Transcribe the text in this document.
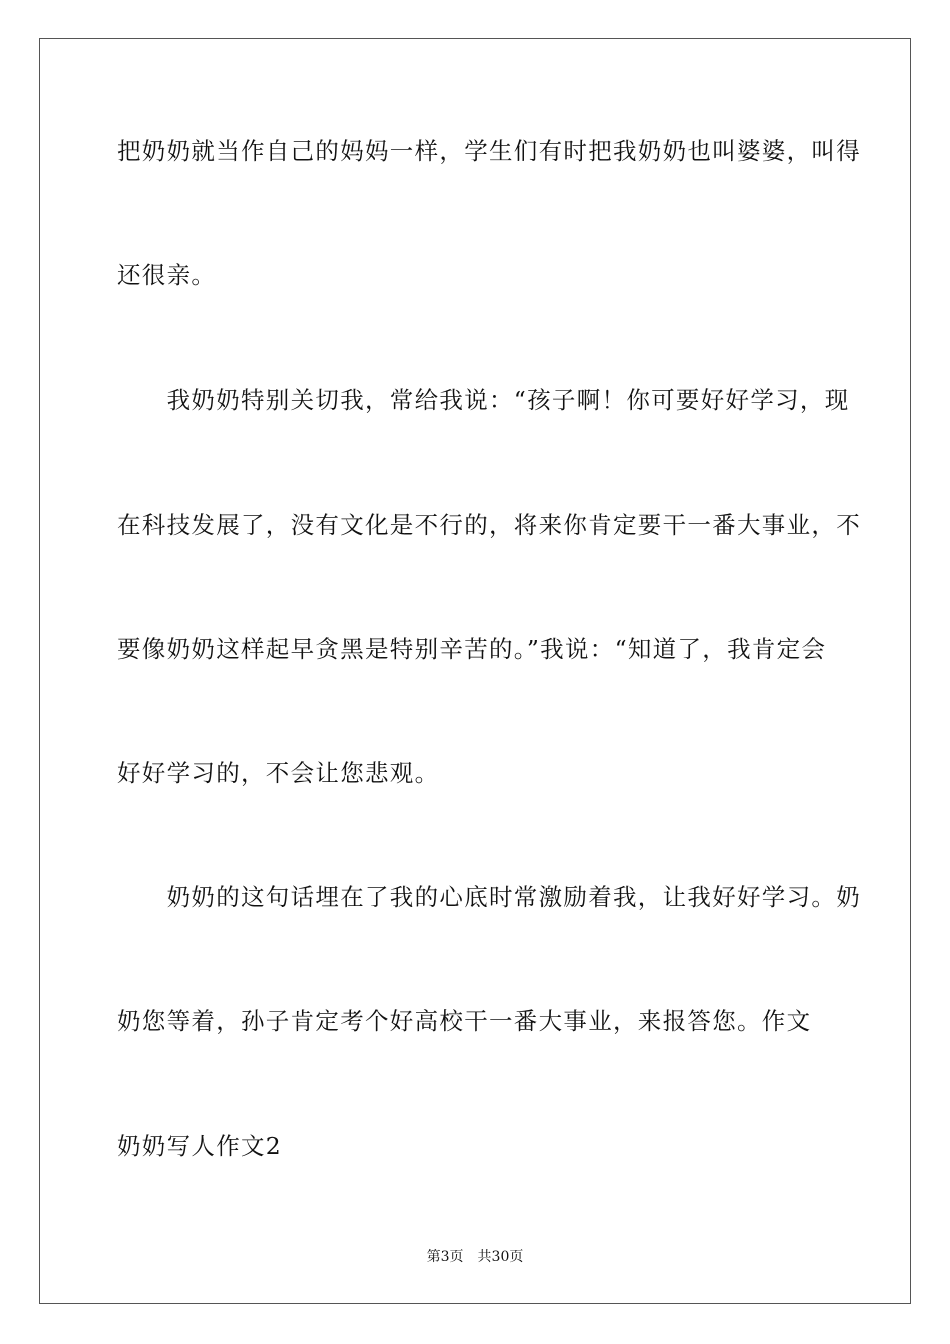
把奶奶就当作自己的妈妈一样，学生们有时把我奶奶也叫婆婆，叫得
还很亲。
　　我奶奶特别关切我，常给我说：“孩子啊！你可要好好学习，现
在科技发展了，没有文化是不行的，将来你肯定要干一番大事业，不
要像奶奶这样起早贪黑是特别辛苦的。”我说：“知道了，我肯定会
好好学习的，不会让您悲观。
　　奶奶的这句话埋在了我的心底时常激励着我，让我好好学习。奶
奶您等着，孙子肯定考个好高校干一番大事业，来报答您。作文
奶奶写人作文2
第3页 共30页
